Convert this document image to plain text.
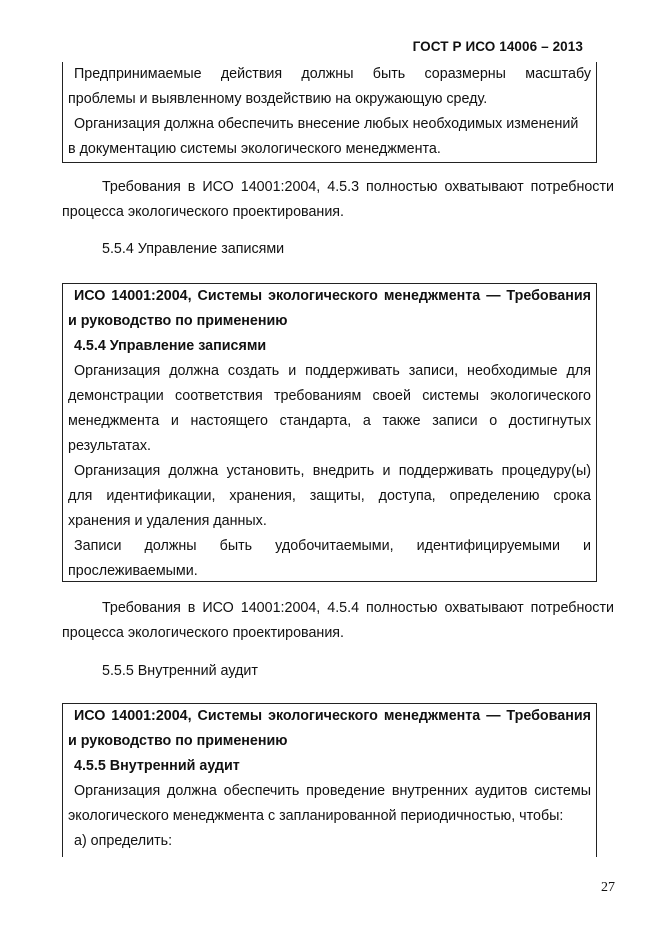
ГОСТ Р ИСО 14006 – 2013
Предпринимаемые действия должны быть соразмерны масштабу
проблемы и выявленному воздействию на окружающую среду.
Организация должна обеспечить внесение любых необходимых изменений
в документацию системы экологического менеджмента.
Требования в ИСО 14001:2004, 4.5.3 полностью охватывают потребности
процесса экологического проектирования.
5.5.4 Управление записями
ИСО 14001:2004, Системы экологического менеджмента — Требования
и руководство по применению
4.5.4 Управление записями
Организация должна создать и поддерживать записи, необходимые для
демонстрации соответствия требованиям своей системы экологического
менеджмента и настоящего стандарта, а также записи о достигнутых
результатах.
Организация должна установить, внедрить и поддерживать процедуру(ы)
для идентификации, хранения, защиты, доступа, определению срока
хранения и удаления данных.
Записи должны быть удобочитаемыми, идентифицируемыми и
прослеживаемыми.
Требования в ИСО 14001:2004, 4.5.4 полностью охватывают потребности
процесса экологического проектирования.
5.5.5 Внутренний аудит
ИСО 14001:2004, Системы экологического менеджмента — Требования
и руководство по применению
4.5.5 Внутренний аудит
Организация должна обеспечить проведение внутренних аудитов системы
экологического менеджмента с запланированной периодичностью, чтобы:
а) определить:
27
